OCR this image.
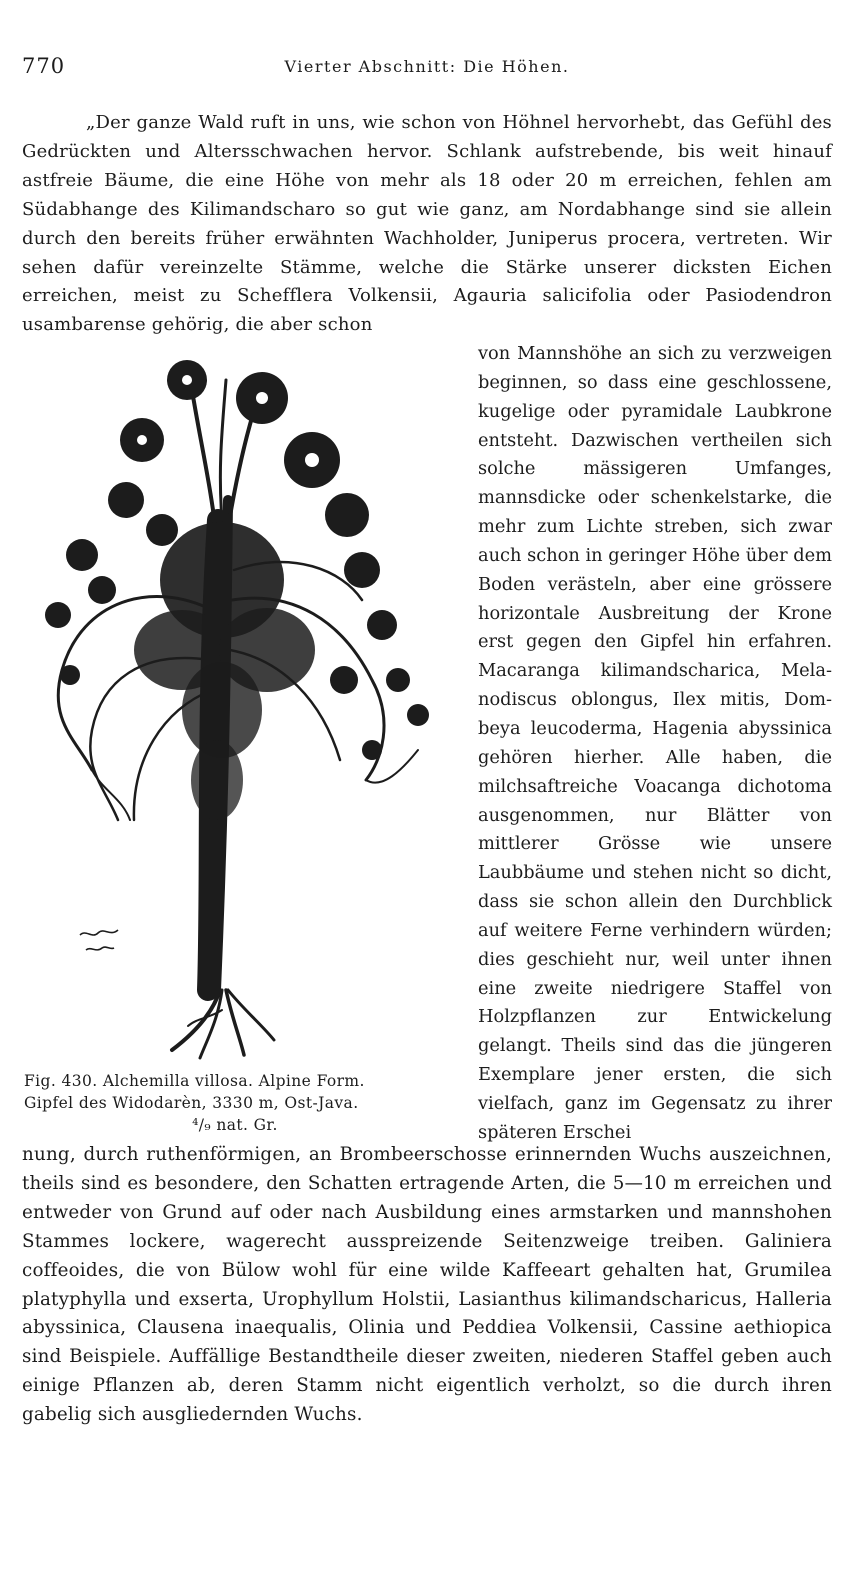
770	Vierter Abschnitt: Die Höhen.

„Der ganze Wald ruft in uns, wie schon von Höhnel hervorhebt, das Gefühl des Gedrückten und Altersschwachen hervor. Schlank aufstrebende, bis weit hinauf astfreie Bäume, die eine Höhe von mehr als 18 oder 20 m erreichen, fehlen am Südabhange des Kilimandscharo so gut wie ganz, am Nordabhange sind sie allein durch den bereits früher erwähnten Wachholder, Juniperus procera, vertreten. Wir sehen dafür vereinzelte Stämme, welche die Stärke unserer dicksten Eichen erreichen, meist zu Schefflera Volkensii, Agauria salicifolia oder Pasiodendron usambarense gehörig, die aber schon

von Mannshöhe an sich zu verzweigen beginnen, so dass eine geschlossene, kugelige oder pyramidale Laubkrone entsteht. Dazwischen vertheilen sich solche mässigeren Umfanges, mannsdicke oder schenkelstarke, die mehr zum Lichte streben, sich zwar auch schon in geringer Höhe über dem Boden verästeln, aber eine grössere horizontale Ausbreitung der Krone erst gegen den Gipfel hin erfahren. Macaranga kilimandscharica, Melanodiscus oblongus, Ilex mitis, Dombeya leucoderma, Hagenia abyssinica gehören hierher. Alle haben, die milchsaftreiche Voacanga dichotoma ausgenommen, nur Blätter von mittlerer Grösse wie unsere Laubbäume und stehen nicht so dicht, dass sie schon allein den Durchblick auf weitere Ferne verhindern würden; dies geschieht nur, weil unter ihnen eine zweite niedrigere Staffel von Holzpflanzen zur Entwickelung gelangt. Theils sind das die jüngeren Exemplare jener ersten, die sich vielfach, ganz im Gegensatz zu ihrer späteren Erschei
Fig. 430. Alchemilla villosa. Alpine Form.
Gipfel des Widodarèn, 3330 m, Ost-Java.
⁴/₉ nat. Gr.
nung, durch ruthenförmigen, an Brombeerschosse erinnernden Wuchs auszeichnen, theils sind es besondere, den Schatten ertragende Arten, die 5—10 m erreichen und entweder von Grund auf oder nach Ausbildung eines armstarken und mannshohen Stammes lockere, wagerecht ausspreizende Seitenzweige treiben. Galiniera coffeoides, die von Bülow wohl für eine wilde Kaffeeart gehalten hat, Grumilea platyphylla und exserta, Urophyllum Holstii, Lasianthus kilimandscharicus, Halleria abyssinica, Clausena inaequalis, Olinia und Peddiea Volkensii, Cassine aethiopica sind Beispiele. Auffällige Bestandtheile dieser zweiten, niederen Staffel geben auch einige Pflanzen ab, deren Stamm nicht eigentlich verholzt, so die durch ihren gabelig sich ausgliedernden Wuchs.
